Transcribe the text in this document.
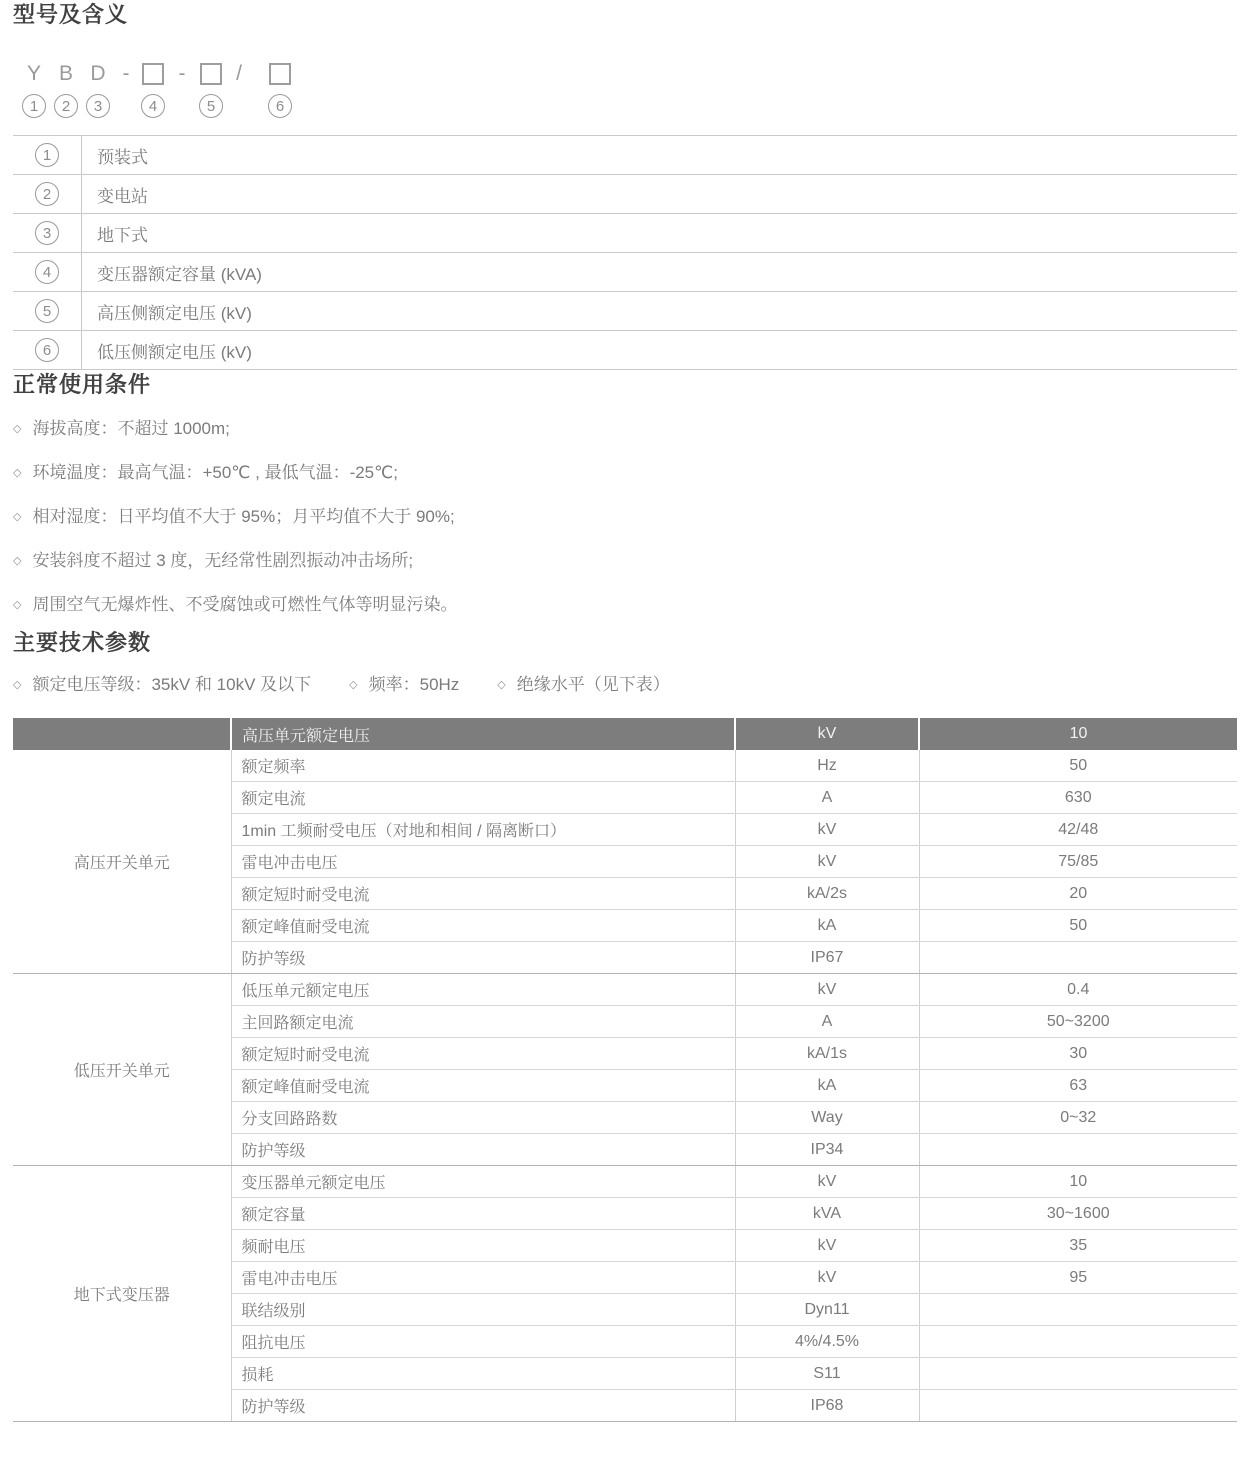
型号及含义
Y B D - - /
1	2	3	4	5	6
1	预装式
2	变电站
3	地下式
4	变压器额定容量 (kVA)
5	高压侧额定电压 (kV)
6	低压侧额定电压 (kV)
正常使用条件
◇ 海拔高度：不超过 1000m;
◇ 环境温度：最高气温：+50℃ , 最低气温：-25℃;
◇ 相对湿度：日平均值不大于 95%；月平均值不大于 90%;
◇ 安装斜度不超过 3 度，无经常性剧烈振动冲击场所;
◇ 周围空气无爆炸性、不受腐蚀或可燃性气体等明显污染。
主要技术参数
◇ 额定电压等级：35kV 和 10kV 及以下	◇ 频率：50Hz	◇ 绝缘水平（见下表）
	高压单元额定电压	kV	10
高压开关单元	额定频率	Hz	50
	额定电流	A	630
	1min 工频耐受电压（对地和相间 / 隔离断口）	kV	42/48
	雷电冲击电压	kV	75/85
	额定短时耐受电流	kA/2s	20
	额定峰值耐受电流	kA	50
	防护等级	IP67	
低压开关单元	低压单元额定电压	kV	0.4
	主回路额定电流	A	50~3200
	额定短时耐受电流	kA/1s	30
	额定峰值耐受电流	kA	63
	分支回路路数	Way	0~32
	防护等级	IP34	
地下式变压器	变压器单元额定电压	kV	10
	额定容量	kVA	30~1600
	频耐电压	kV	35
	雷电冲击电压	kV	95
	联结级别	Dyn11	
	阻抗电压	4%/4.5%	
	损耗	S11	
	防护等级	IP68	
